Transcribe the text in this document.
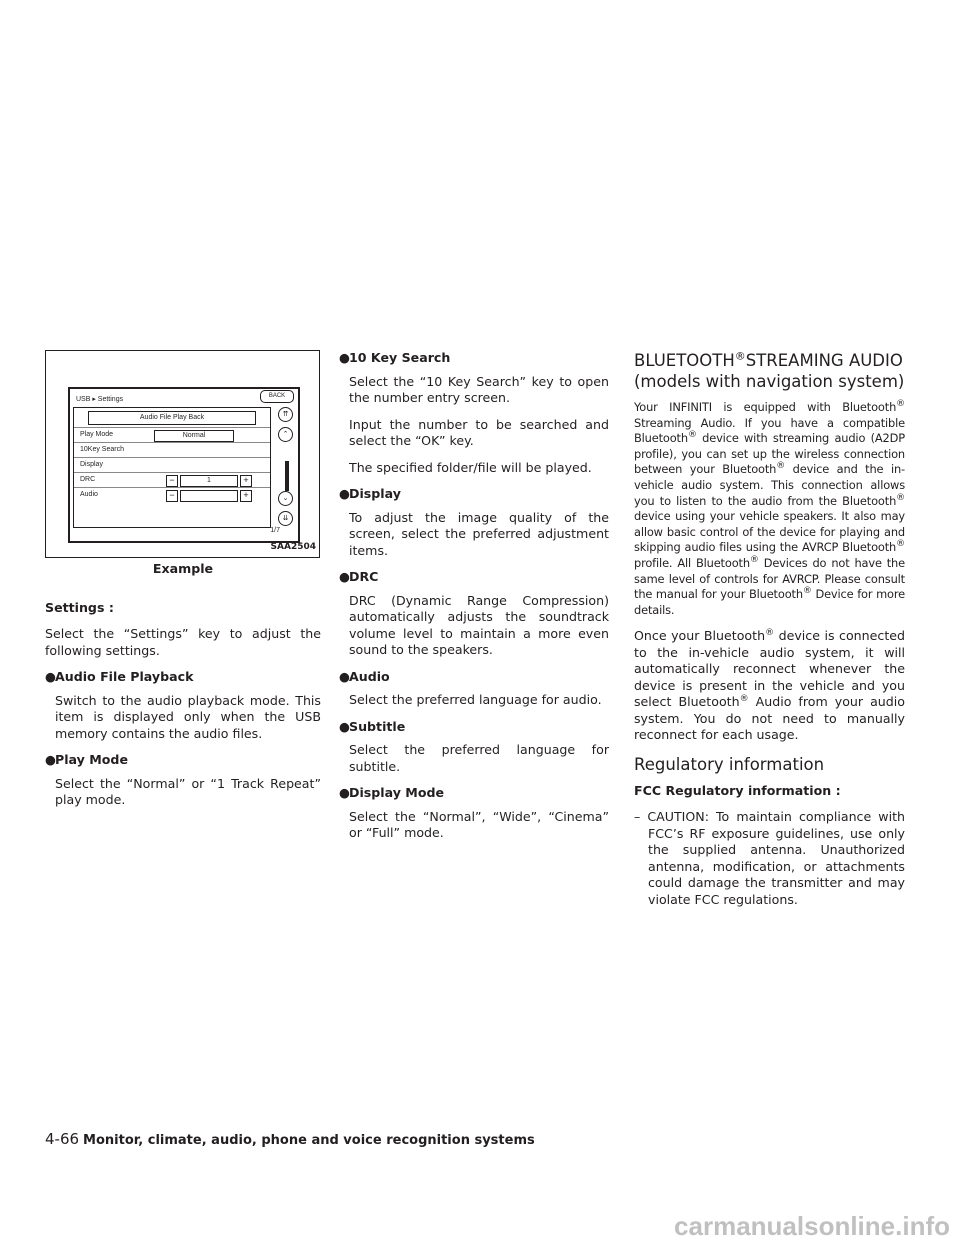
USB ▸ Settings	BACK
Audio File Play Back
Play Mode	Normal
10Key Search
Display
DRC	−	1	+
Audio	−	+
⇈
⌃
⌄
⇊
1/7
SAA2504
Example

Settings :

Select the “Settings” key to adjust the following settings.

● Audio File Playback

Switch to the audio playback mode. This item is displayed only when the USB memory contains the audio files.

● Play Mode

Select the “Normal” or “1 Track Repeat” play mode.

● 10 Key Search

Select the “10 Key Search” key to open the number entry screen.

Input the number to be searched and select the “OK” key.

The specified folder/file will be played.

● Display

To adjust the image quality of the screen, select the preferred adjustment items.

● DRC

DRC (Dynamic Range Compression) automatically adjusts the soundtrack volume level to maintain a more even sound to the speakers.

● Audio

Select the preferred language for audio.

● Subtitle

Select the preferred language for subtitle.

● Display Mode

Select the “Normal”, “Wide”, “Cinema” or “Full” mode.

BLUETOOTH®STREAMING AUDIO
(models with navigation system)

Your INFINITI is equipped with Bluetooth® Streaming Audio. If you have a compatible Bluetooth® device with streaming audio (A2DP profile), you can set up the wireless connection between your Bluetooth® device and the in-vehicle audio system. This connection allows you to listen to the audio from the Bluetooth® device using your vehicle speakers. It also may allow basic control of the device for playing and skipping audio files using the AVRCP Bluetooth® profile. All Bluetooth® Devices do not have the same level of controls for AVRCP. Please consult the manual for your Bluetooth® Device for more details.

Once your Bluetooth® device is connected to the in-vehicle audio system, it will automatically reconnect whenever the device is present in the vehicle and you select Bluetooth® Audio from your audio system. You do not need to manually reconnect for each usage.

Regulatory information

FCC Regulatory information :

– CAUTION: To maintain compliance with FCC’s RF exposure guidelines, use only the supplied antenna. Unauthorized antenna, modification, or attachments could damage the transmitter and may violate FCC regulations.

4-66 Monitor, climate, audio, phone and voice recognition systems
carmanualsonline.info
